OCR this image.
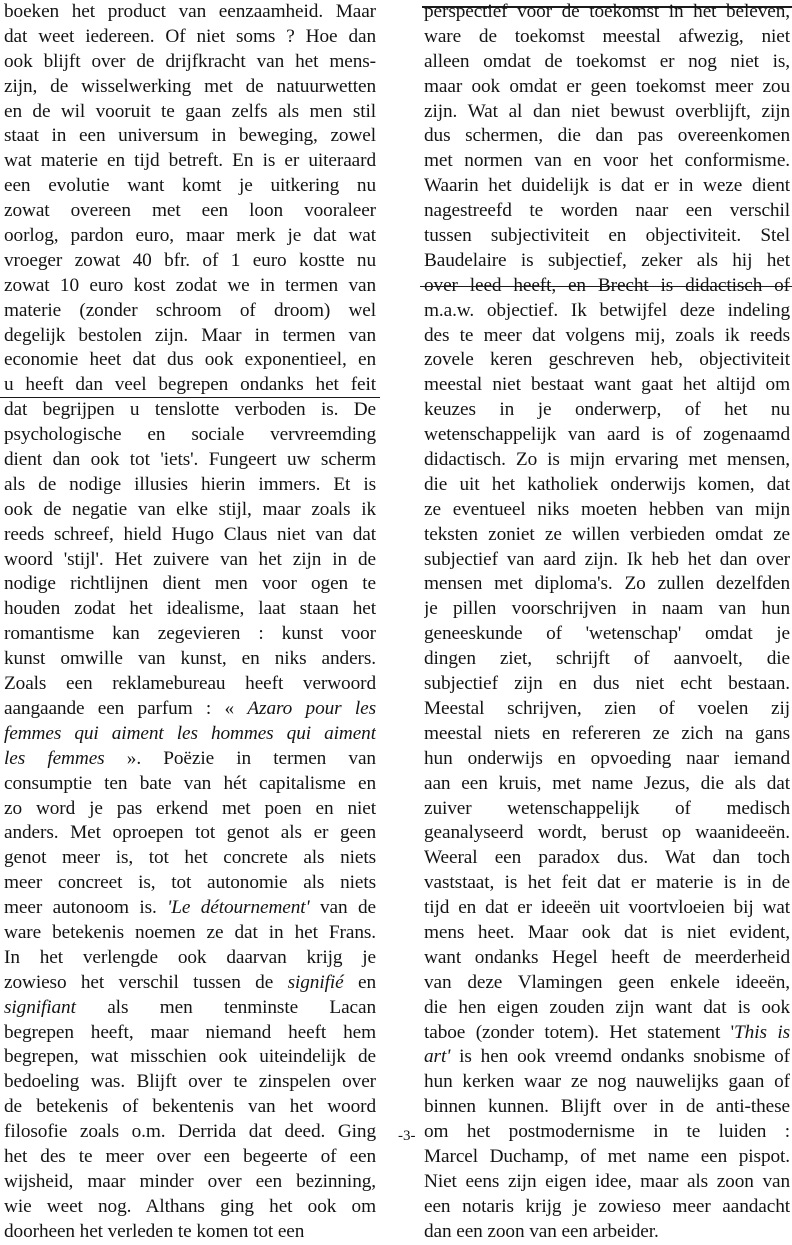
boeken het product van eenzaamheid. Maar
dat weet iedereen. Of niet soms ? Hoe dan
ook blijft over de drijfkracht van het mens-
zijn, de wisselwerking met de natuurwetten
en de wil vooruit te gaan zelfs als men stil
staat in een universum in beweging, zowel
wat materie en tijd betreft. En is er uiteraard
een evolutie want komt je uitkering nu
zowat overeen met een loon vooraleer
oorlog, pardon euro, maar merk je dat wat
vroeger zowat 40 bfr. of 1 euro kostte nu
zowat 10 euro kost zodat we in termen van
materie (zonder schroom of droom) wel
degelijk bestolen zijn. Maar in termen van
economie heet dat dus ook exponentieel, en
u heeft dan veel begrepen ondanks het feit
dat begrijpen u tenslotte verboden is. De
psychologische en sociale vervreemding
dient dan ook tot 'iets'. Fungeert uw scherm
als de nodige illusies hierin immers. Et is
ook de negatie van elke stijl, maar zoals ik
reeds schreef, hield Hugo Claus niet van dat
woord 'stijl'. Het zuivere van het zijn in de
nodige richtlijnen dient men voor ogen te
houden zodat het idealisme, laat staan het
romantisme kan zegevieren : kunst voor
kunst omwille van kunst, en niks anders.
Zoals een reklamebureau heeft verwoord
aangaande een parfum : « Azaro pour les
femmes qui aiment les hommes qui aiment
les femmes ». Poëzie in termen van
consumptie ten bate van hét capitalisme en
zo word je pas erkend met poen en niet
anders. Met oproepen tot genot als er geen
genot meer is, tot het concrete als niets
meer concreet is, tot autonomie als niets
meer autonoom is. 'Le détournement' van de
ware betekenis noemen ze dat in het Frans.
In het verlengde ook daarvan krijg je
zowieso het verschil tussen de signifié en
signifiant als men tenminste Lacan
begrepen heeft, maar niemand heeft hem
begrepen, wat misschien ook uiteindelijk de
bedoeling was. Blijft over te zinspelen over
de betekenis of bekentenis van het woord
filosofie zoals o.m. Derrida dat deed. Ging
het des te meer over een begeerte of een
wijsheid, maar minder over een bezinning,
wie weet nog. Althans ging het ook om
doorheen het verleden te komen tot een
perspectief voor de toekomst in het beleven,
ware de toekomst meestal afwezig, niet
alleen omdat de toekomst er nog niet is,
maar ook omdat er geen toekomst meer zou
zijn. Wat al dan niet bewust overblijft, zijn
dus schermen, die dan pas overeenkomen
met normen van en voor het conformisme.
Waarin het duidelijk is dat er in weze dient
nagestreefd te worden naar een verschil
tussen subjectiviteit en objectiviteit. Stel
Baudelaire is subjectief, zeker als hij het
over leed heeft, en Brecht is didactisch of
m.a.w. objectief. Ik betwijfel deze indeling
des te meer dat volgens mij, zoals ik reeds
zovele keren geschreven heb, objectiviteit
meestal niet bestaat want gaat het altijd om
keuzes in je onderwerp, of het nu
wetenschappelijk van aard is of zogenaamd
didactisch. Zo is mijn ervaring met mensen,
die uit het katholiek onderwijs komen, dat
ze eventueel niks moeten hebben van mijn
teksten zoniet ze willen verbieden omdat ze
subjectief van aard zijn. Ik heb het dan over
mensen met diploma's. Zo zullen dezelfden
je pillen voorschrijven in naam van hun
geneeskunde of 'wetenschap' omdat je
dingen ziet, schrijft of aanvoelt, die
subjectief zijn en dus niet echt bestaan.
Meestal schrijven, zien of voelen zij
meestal niets en refereren ze zich na gans
hun onderwijs en opvoeding naar iemand
aan een kruis, met name Jezus, die als dat
zuiver wetenschappelijk of medisch
geanalyseerd wordt, berust op waanideeën.
Weeral een paradox dus. Wat dan toch
vaststaat, is het feit dat er materie is in de
tijd en dat er ideeën uit voortvloeien bij wat
mens heet. Maar ook dat is niet evident,
want ondanks Hegel heeft de meerderheid
van deze Vlamingen geen enkele ideeën,
die hen eigen zouden zijn want dat is ook
taboe (zonder totem). Het statement 'This is
art' is hen ook vreemd ondanks snobisme of
hun kerken waar ze nog nauwelijks gaan of
binnen kunnen. Blijft over in de anti-these
om het postmodernisme in te luiden :
Marcel Duchamp, of met name een pispot.
Niet eens zijn eigen idee, maar als zoon van
een notaris krijg je zowieso meer aandacht
dan een zoon van een arbeider.
-3-
